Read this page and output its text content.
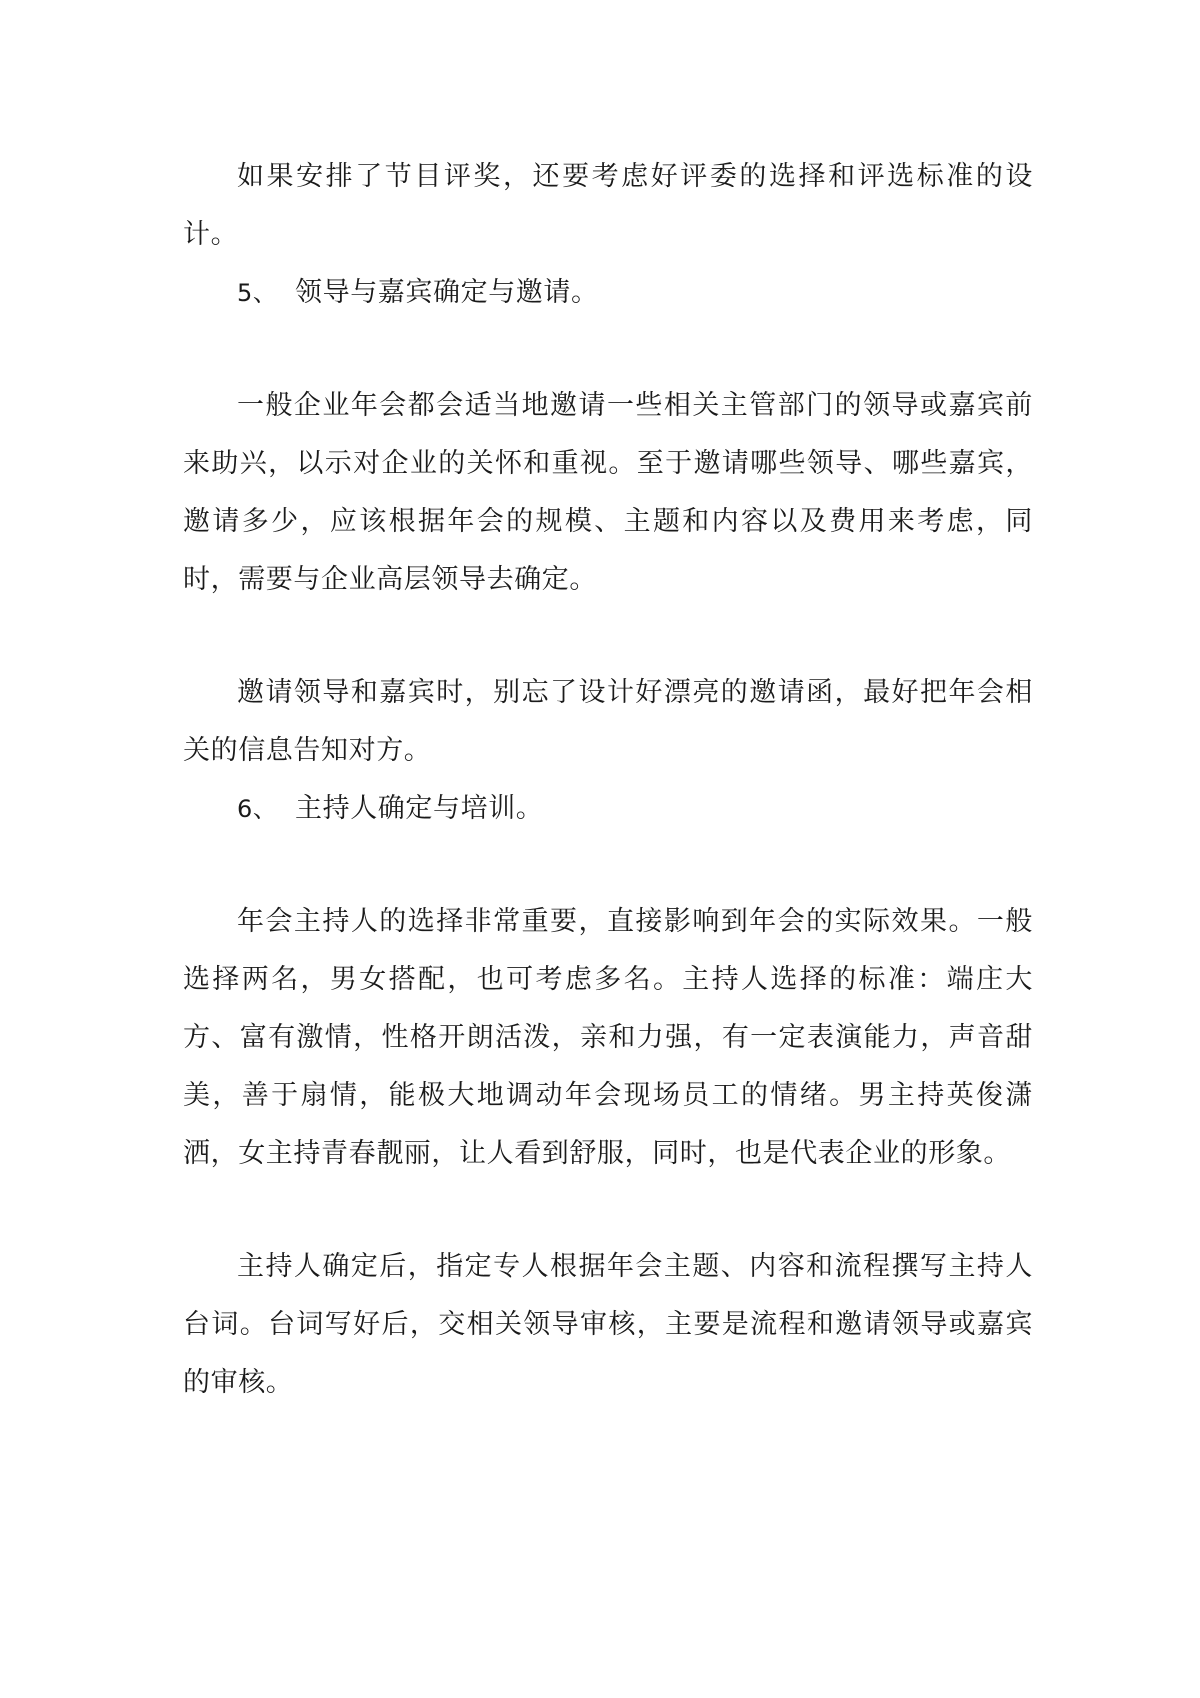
如果安排了节目评奖，还要考虑好评委的选择和评选标准的设计。

5、 领导与嘉宾确定与邀请。

一般企业年会都会适当地邀请一些相关主管部门的领导或嘉宾前来助兴，以示对企业的关怀和重视。至于邀请哪些领导、哪些嘉宾，邀请多少，应该根据年会的规模、主题和内容以及费用来考虑，同时，需要与企业高层领导去确定。

邀请领导和嘉宾时，别忘了设计好漂亮的邀请函，最好把年会相关的信息告知对方。

6、 主持人确定与培训。

年会主持人的选择非常重要，直接影响到年会的实际效果。一般选择两名，男女搭配，也可考虑多名。主持人选择的标准：端庄大方、富有激情，性格开朗活泼，亲和力强，有一定表演能力，声音甜美，善于扇情，能极大地调动年会现场员工的情绪。男主持英俊潇洒，女主持青春靓丽，让人看到舒服，同时，也是代表企业的形象。

主持人确定后，指定专人根据年会主题、内容和流程撰写主持人台词。台词写好后，交相关领导审核，主要是流程和邀请领导或嘉宾的审核。
